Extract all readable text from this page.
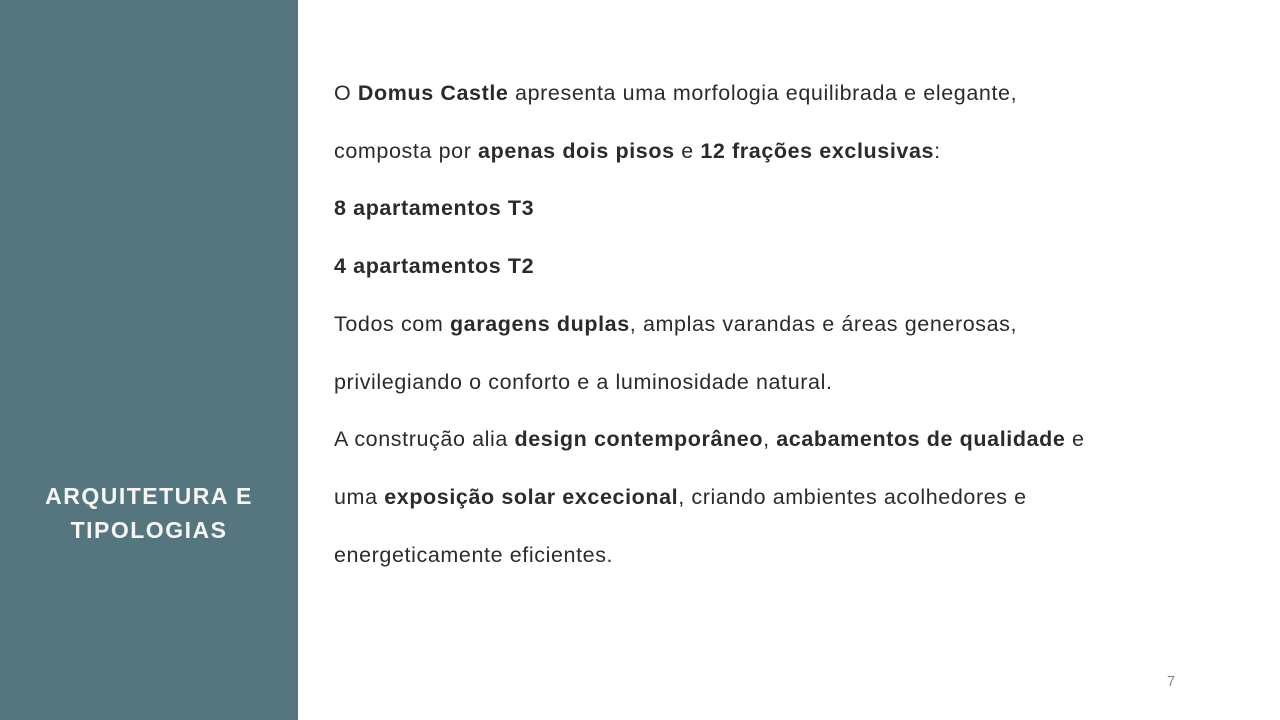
ARQUITETURA E
TIPOLOGIAS
O Domus Castle apresenta uma morfologia equilibrada e elegante,
composta por apenas dois pisos e 12 frações exclusivas:
8 apartamentos T3
4 apartamentos T2
Todos com garagens duplas, amplas varandas e áreas generosas,
privilegiando o conforto e a luminosidade natural.
A construção alia design contemporâneo, acabamentos de qualidade e
uma exposição solar excecional, criando ambientes acolhedores e
energeticamente eficientes.
7
